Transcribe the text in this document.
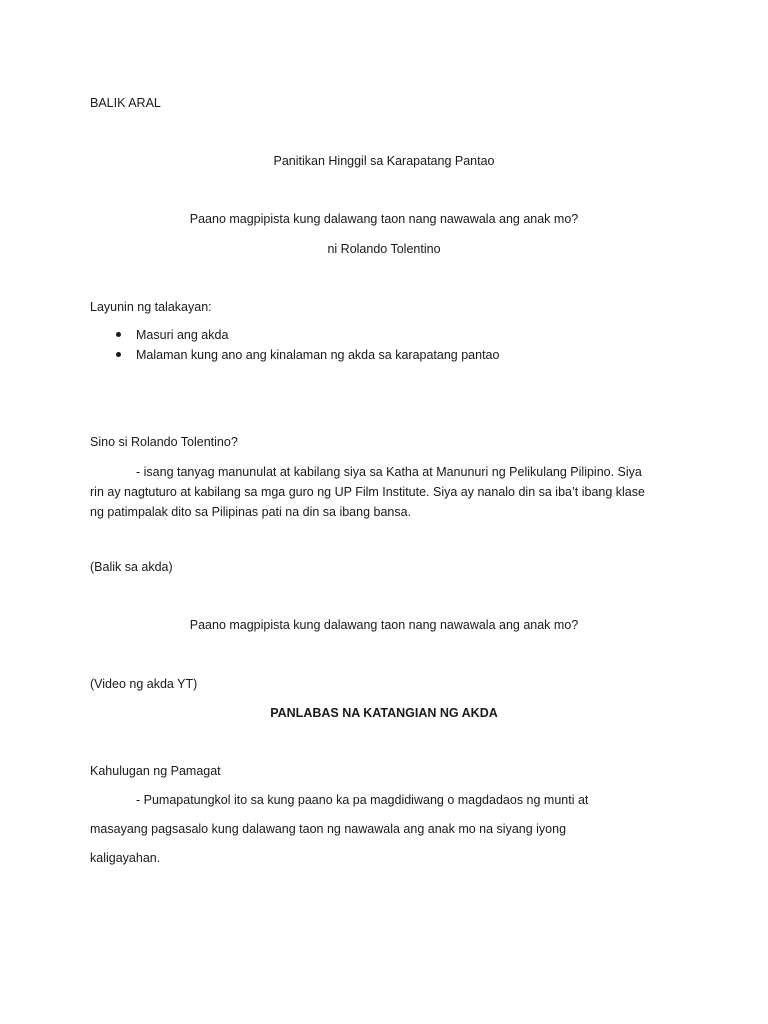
BALIK ARAL
Panitikan Hinggil sa Karapatang Pantao
Paano magpipista kung dalawang taon nang nawawala ang anak mo?
ni Rolando Tolentino
Layunin ng talakayan:
Masuri ang akda
Malaman kung ano ang kinalaman ng akda sa karapatang pantao
Sino si Rolando Tolentino?
- isang tanyag manunulat at kabilang siya sa Katha at Manunuri ng Pelikulang Pilipino. Siya rin ay nagtuturo at kabilang sa mga guro ng UP Film Institute. Siya ay nanalo din sa iba’t ibang klase ng patimpalak dito sa Pilipinas pati na din sa ibang bansa.
(Balik sa akda)
Paano magpipista kung dalawang taon nang nawawala ang anak mo?
(Video ng akda YT)
PANLABAS NA KATANGIAN NG AKDA
Kahulugan ng Pamagat
- Pumapatungkol ito sa kung paano ka pa magdidiwang o magdadaos ng munti at
masayang pagsasalo kung dalawang taon ng nawawala ang anak mo na siyang iyong
kaligayahan.
